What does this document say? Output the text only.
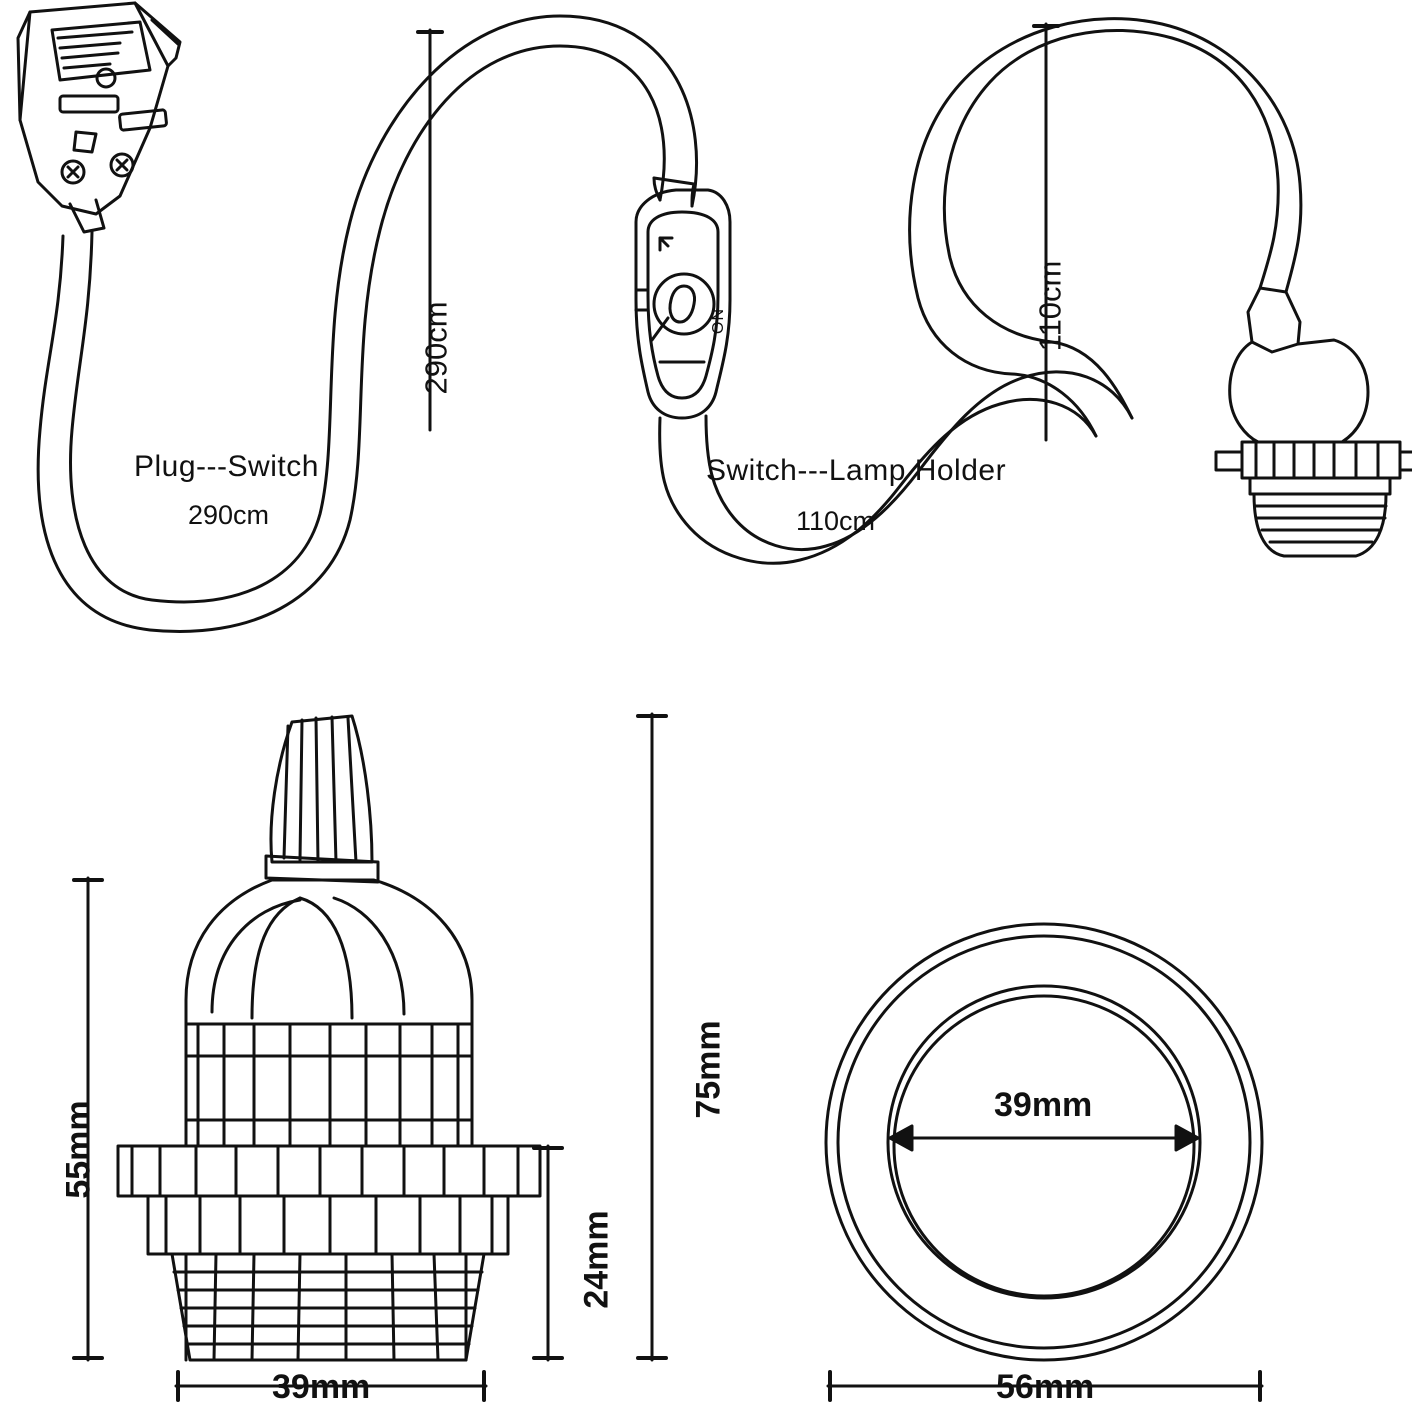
Plug---Switch
290cm
290cm
Switch---Lamp Holder
110cm
110cm
ON
75mm
55mm
24mm
39mm
39mm
56mm
